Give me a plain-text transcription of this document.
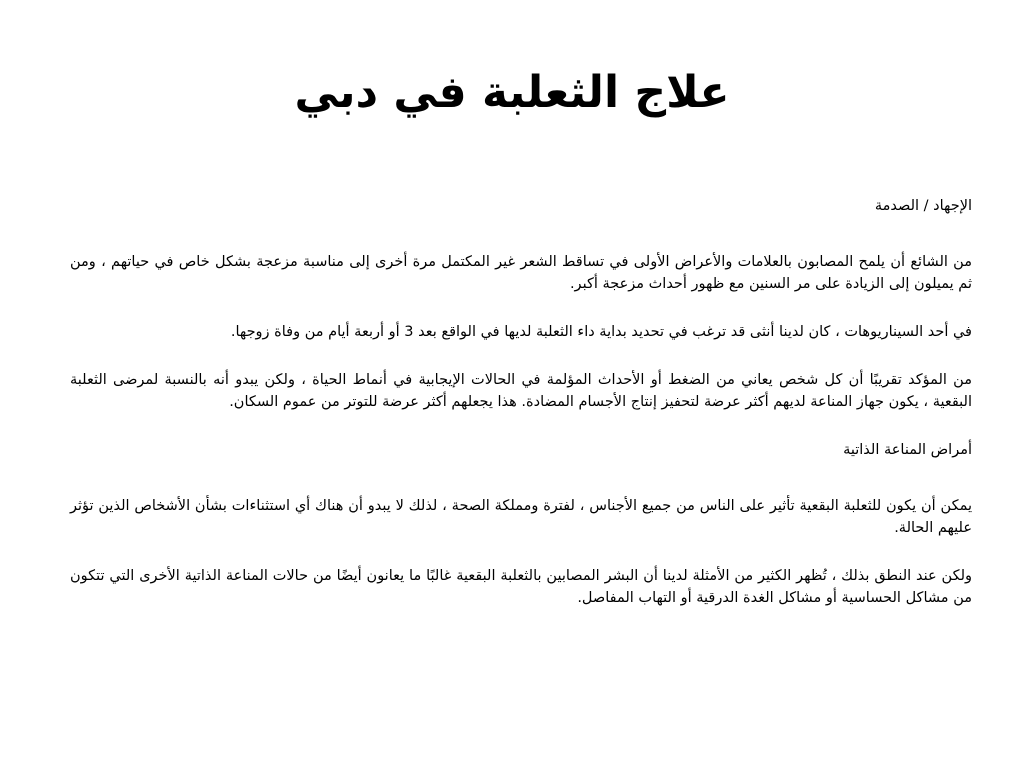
علاج الثعلبة في دبي

الإجهاد / الصدمة

من الشائع أن يلمح المصابون بالعلامات والأعراض الأولى في تساقط الشعر غير المكتمل مرة أخرى إلى مناسبة مزعجة بشكل خاص في حياتهم ، ومن ثم يميلون إلى الزيادة على مر السنين مع ظهور أحداث مزعجة أكبر.

في أحد السيناريوهات ، كان لدينا أنثى قد ترغب في تحديد بداية داء الثعلبة لديها في الواقع بعد 3 أو أربعة أيام من وفاة زوجها.

من المؤكد تقريبًا أن كل شخص يعاني من الضغط أو الأحداث المؤلمة في الحالات الإيجابية في أنماط الحياة ، ولكن يبدو أنه بالنسبة لمرضى الثعلبة البقعية ، يكون جهاز المناعة لديهم أكثر عرضة لتحفيز إنتاج الأجسام المضادة. هذا يجعلهم أكثر عرضة للتوتر من عموم السكان.

أمراض المناعة الذاتية

يمكن أن يكون للثعلبة البقعية تأثير على الناس من جميع الأجناس ، لفترة ومملكة الصحة ، لذلك لا يبدو أن هناك أي استثناءات بشأن الأشخاص الذين تؤثر عليهم الحالة.

ولكن عند النطق بذلك ، تُظهر الكثير من الأمثلة لدينا أن البشر المصابين بالثعلبة البقعية غالبًا ما يعانون أيضًا من حالات المناعة الذاتية الأخرى التي تتكون من مشاكل الحساسية أو مشاكل الغدة الدرقية أو التهاب المفاصل.
